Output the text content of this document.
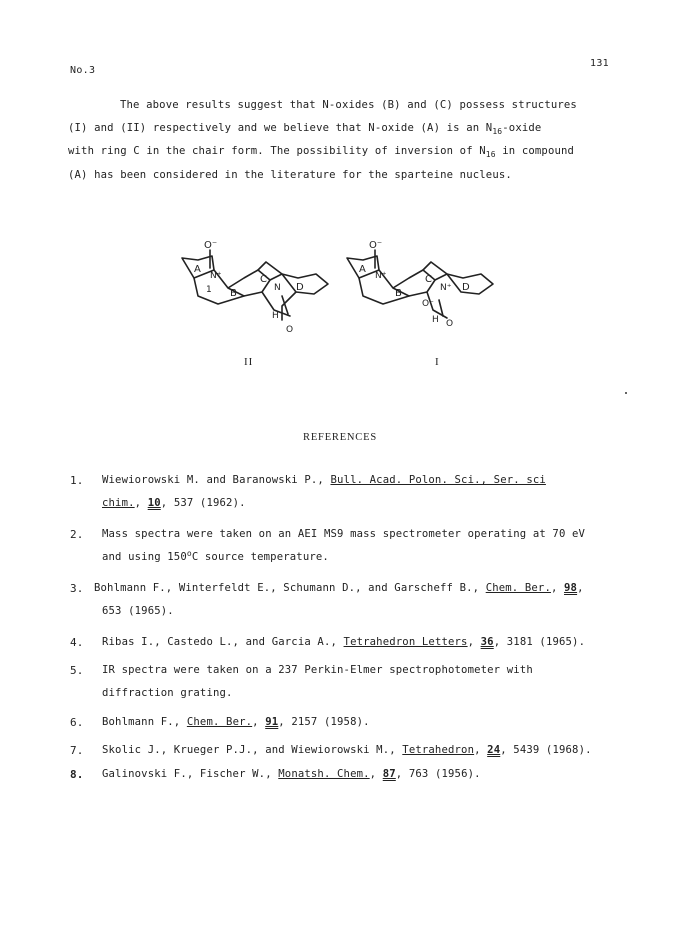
No.3
131

The above results suggest that N-oxides (B) and (C) possess structures

(I) and (II) respectively and we believe that N-oxide (A) is an $N_{16}$-oxide

with ring C in the chair form. The possibility of inversion of $N_{16}$ in compound

(A) has been considered in the literature for the sparteine nucleus.

O⁻
A
N⁺
1 B
C
N D
H
O
O⁻
A
N⁺
B
C
N⁺ D
O⁻
H O
II	I
REFERENCES
1.	Wiewiorowski M. and Baranowski P., Bull. Acad. Polon. Sci., Ser. sci
chim., 10, 537 (1962).
2.	Mass spectra were taken on an AEI MS9 mass spectrometer operating at 70 eV
and using 150$^o$C source temperature.
3. Bohlmann F., Winterfeldt E., Schumann D., and Garscheff B., Chem. Ber., 98,
653 (1965).
4.	Ribas I., Castedo L., and Garcia A., Tetrahedron Letters, 36, 3181 (1965).
5.	IR spectra were taken on a 237 Perkin-Elmer spectrophotometer with
diffraction grating.
6.	Bohlmann F., Chem. Ber., 91, 2157 (1958).
7.	Skolic J., Krueger P.J., and Wiewiorowski M., Tetrahedron, 24, 5439 (1968).
8.	Galinovski F., Fischer W., Monatsh. Chem., 87, 763 (1956).
